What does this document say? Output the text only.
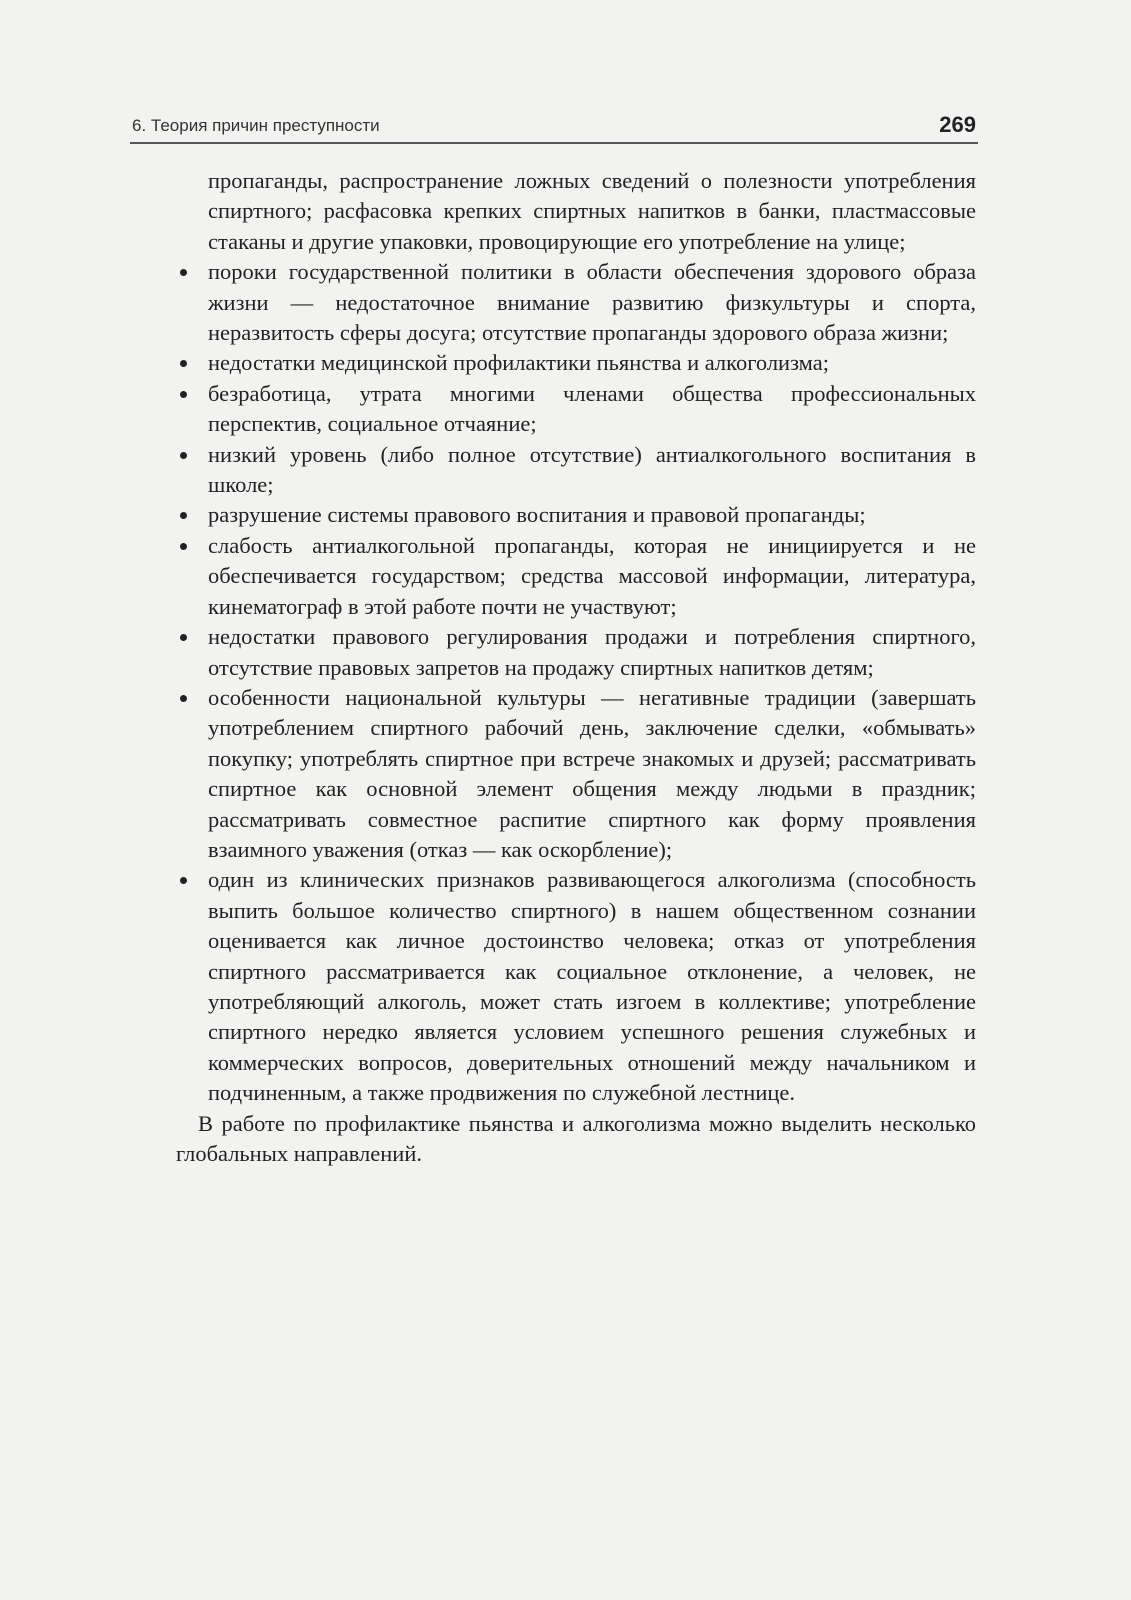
6. Теория причин преступности	269

пропаганды, распространение ложных сведений о полезности употребления спиртного; расфасовка крепких спиртных напитков в банки, пластмассовые стаканы и другие упаковки, провоцирующие его употребление на улице;

пороки государственной политики в области обеспечения здорового образа жизни — недостаточное внимание развитию физкультуры и спорта, неразвитость сферы досуга; отсутствие пропаганды здорового образа жизни;
недостатки медицинской профилактики пьянства и алкоголизма;
безработица, утрата многими членами общества профессиональных перспектив, социальное отчаяние;
низкий уровень (либо полное отсутствие) антиалкогольного воспитания в школе;
разрушение системы правового воспитания и правовой пропаганды;
слабость антиалкогольной пропаганды, которая не инициируется и не обеспечивается государством; средства массовой информации, литература, кинематограф в этой работе почти не участвуют;
недостатки правового регулирования продажи и потребления спиртного, отсутствие правовых запретов на продажу спиртных напитков детям;
особенности национальной культуры — негативные традиции (завершать употреблением спиртного рабочий день, заключение сделки, «обмывать» покупку; употреблять спиртное при встрече знакомых и друзей; рассматривать спиртное как основной элемент общения между людьми в праздник; рассматривать совместное распитие спиртного как форму проявления взаимного уважения (отказ — как оскорбление);
один из клинических признаков развивающегося алкоголизма (способность выпить большое количество спиртного) в нашем общественном сознании оценивается как личное достоинство человека; отказ от употребления спиртного рассматривается как социальное отклонение, а человек, не употребляющий алкоголь, может стать изгоем в коллективе; употребление спиртного нередко является условием успешного решения служебных и коммерческих вопросов, доверительных отношений между начальником и подчиненным, а также продвижения по служебной лестнице.

В работе по профилактике пьянства и алкоголизма можно выделить несколько глобальных направлений.
